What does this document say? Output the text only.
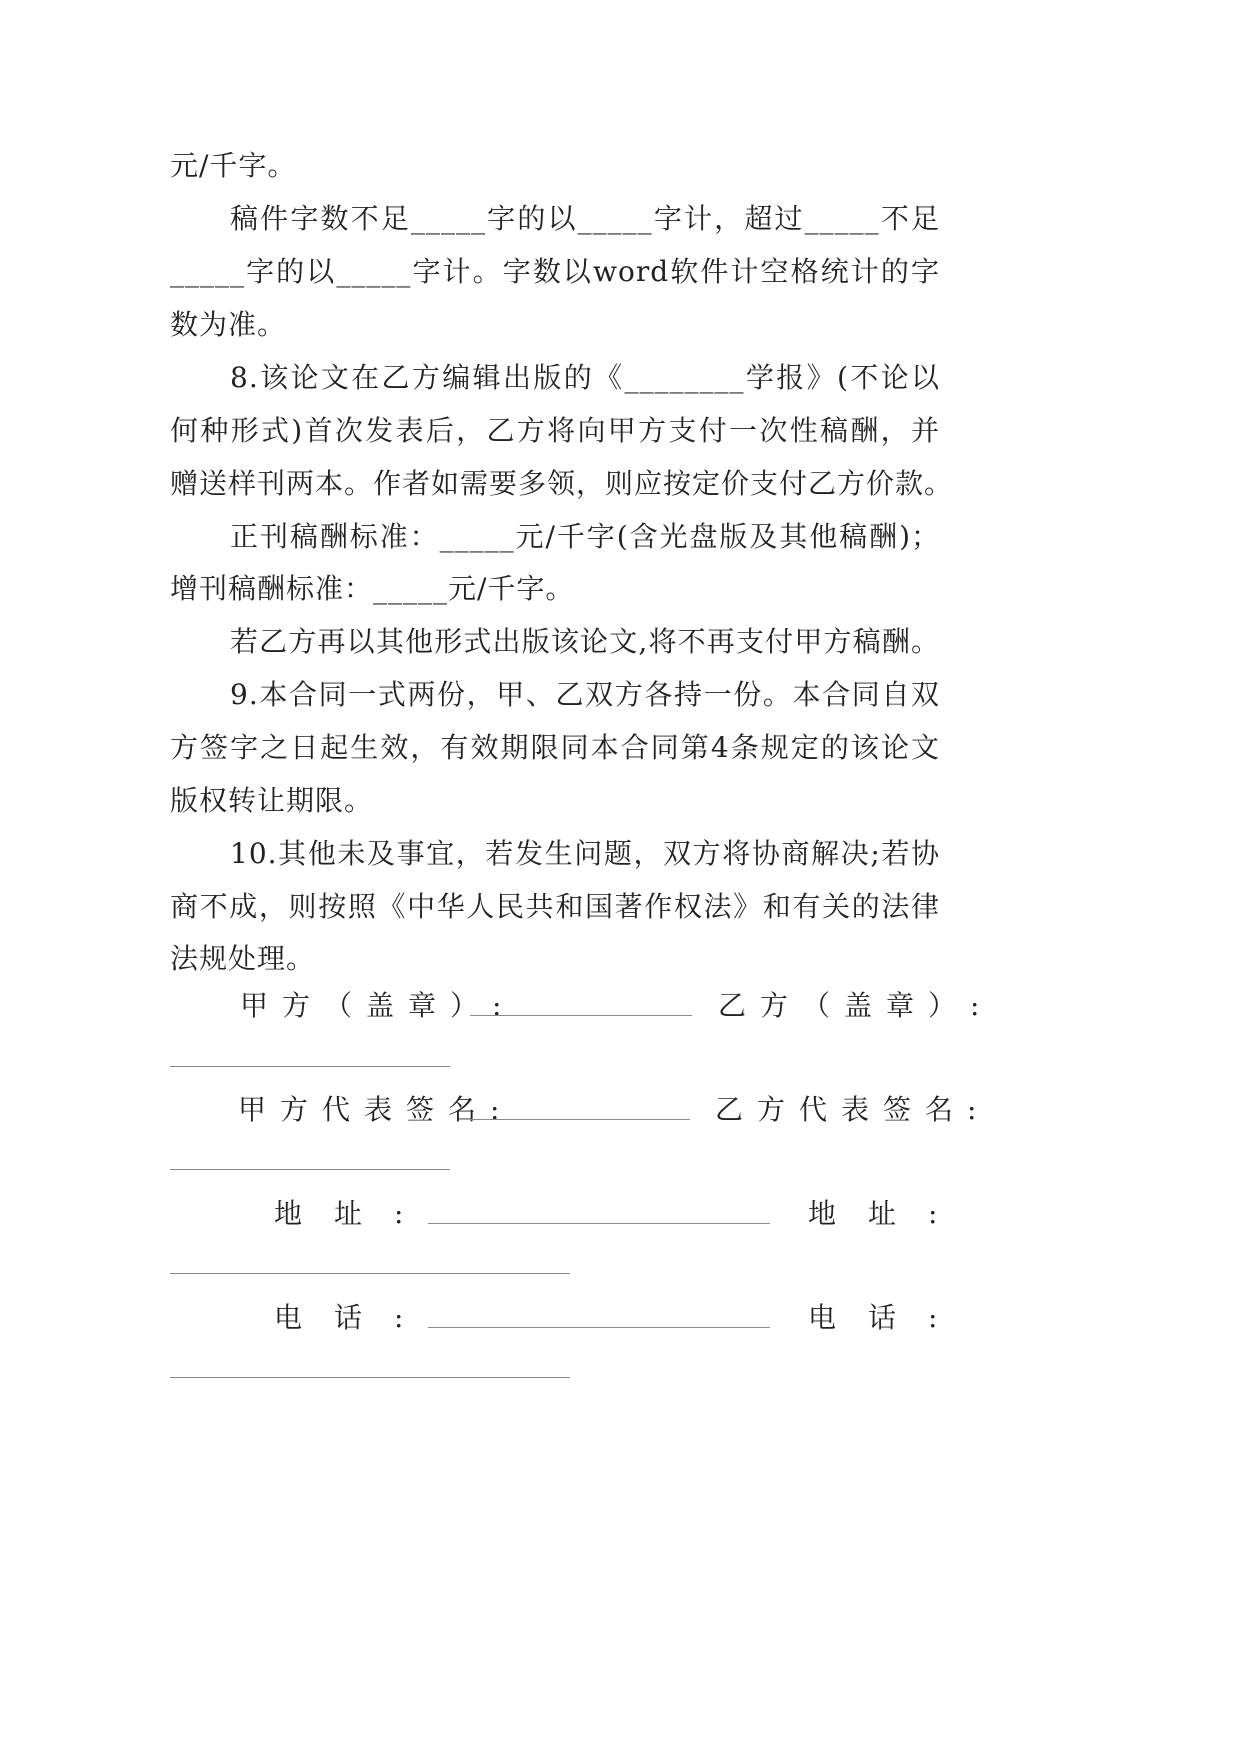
元/千字。
稿件字数不足_____字的以_____字计，超过_____不足
_____字的以_____字计。字数以word软件计空格统计的字
数为准。
8.该论文在乙方编辑出版的《________学报》(不论以
何种形式)首次发表后，乙方将向甲方支付一次性稿酬，并
赠送样刊两本。作者如需要多领，则应按定价支付乙方价款。
正刊稿酬标准：_____元/千字(含光盘版及其他稿酬)；
增刊稿酬标准：_____元/千字。
若乙方再以其他形式出版该论文,将不再支付甲方稿酬。
9.本合同一式两份，甲、乙双方各持一份。本合同自双
方签字之日起生效，有效期限同本合同第4条规定的该论文
版权转让期限。
10.其他未及事宜，若发生问题，双方将协商解决;若协
商不成，则按照《中华人民共和国著作权法》和有关的法律
法规处理。
甲方（盖章）:	乙方（盖章）:
甲方代表签名:	乙方代表签名:
地址:	地址:
电话:	电话:
